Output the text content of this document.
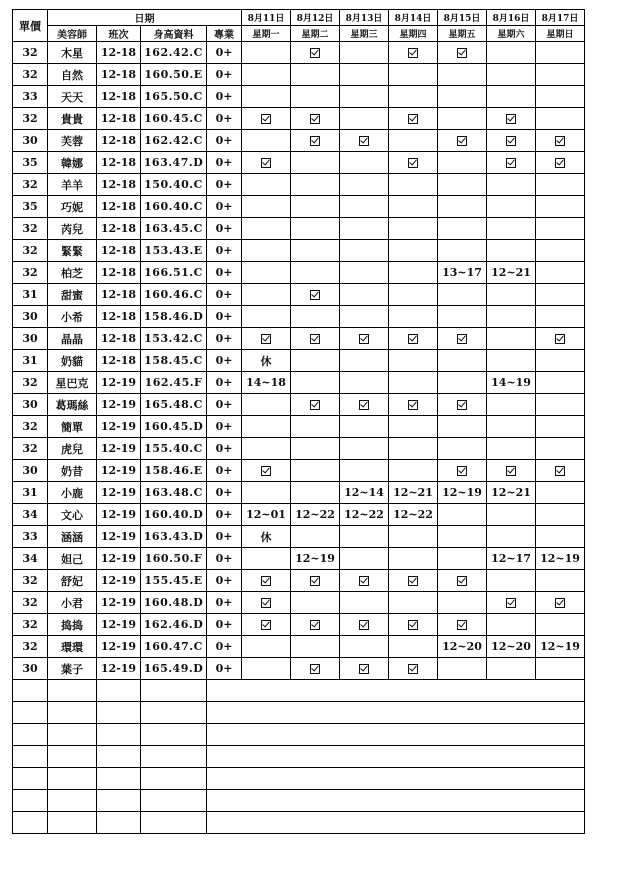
單價	日期				8月11日	8月12日	8月13日	8月14日	8月15日	8月16日	8月17日
	美容師	班次	身高資料	專業	星期一	星期二	星期三	星期四	星期五	星期六	星期日
32	木星	12-18	162.42.C	0+							
32	自然	12-18	160.50.E	0+							
33	天天	12-18	165.50.C	0+							
32	貴貴	12-18	160.45.C	0+							
30	芙蓉	12-18	162.42.C	0+							
35	韓娜	12-18	163.47.D	0+							
32	羊羊	12-18	150.40.C	0+							
35	巧妮	12-18	160.40.C	0+							
32	芮兒	12-18	163.45.C	0+							
32	緊緊	12-18	153.43.E	0+							
32	柏芝	12-18	166.51.C	0+					13~17	12~21	
31	甜蜜	12-18	160.46.C	0+							
30	小希	12-18	158.46.D	0+							
30	晶晶	12-18	153.42.C	0+							
31	奶貓	12-18	158.45.C	0+	休						
32	星巴克	12-19	162.45.F	0+	14~18					14~19	
30	葛瑪絲	12-19	165.48.C	0+							
32	簡單	12-19	160.45.D	0+							
32	虎兒	12-19	155.40.C	0+							
30	奶昔	12-19	158.46.E	0+							
31	小鹿	12-19	163.48.C	0+			12~14	12~21	12~19	12~21	
34	文心	12-19	160.40.D	0+	12~01	12~22	12~22	12~22			
33	涵涵	12-19	163.43.D	0+	休						
34	妲己	12-19	160.50.F	0+		12~19				12~17	12~19
32	舒妃	12-19	155.45.E	0+							
32	小君	12-19	160.48.D	0+							
32	捣捣	12-19	162.46.D	0+							
32	環環	12-19	160.47.C	0+					12~20	12~20	12~19
30	葉子	12-19	165.49.D	0+							
